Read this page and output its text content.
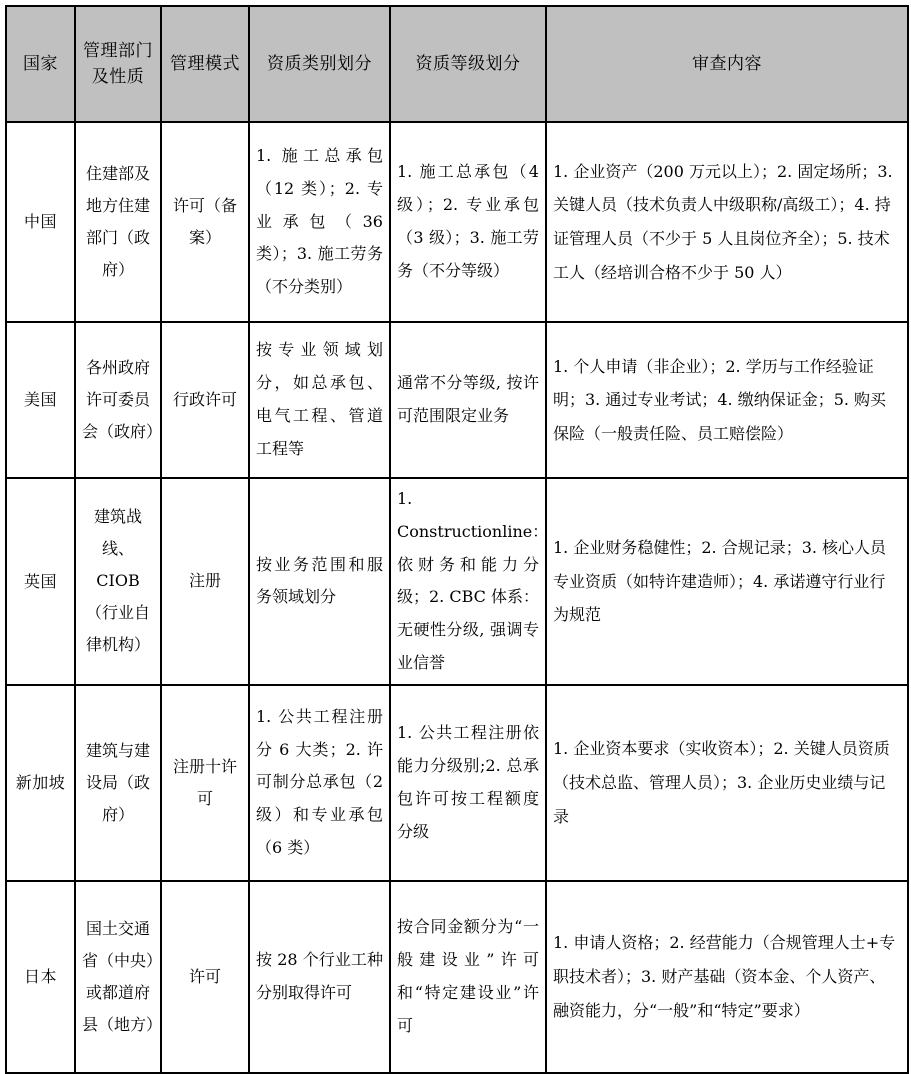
国家	管理部门及性质	管理模式	资质类别划分	资质等级划分	审查内容
中国	住建部及地方住建部门（政府）	许可（备案）	1. 施工总承包（12 类）；2. 专业承包（36 类）；3. 施工劳务（不分类别）	1. 施工总承包（4 级）；2. 专业承包（3 级）；3. 施工劳务（不分等级）	1. 企业资产（200 万元以上）；2. 固定场所；3. 关键人员（技术负责人中级职称/高级工）；4. 持证管理人员（不少于 5 人且岗位齐全）；5. 技术工人（经培训合格不少于 50 人）
美国	各州政府许可委员会（政府）	行政许可	按专业领域划分，如总承包、电气工程、管道工程等	通常不分等级, 按许可范围限定业务	1. 个人申请（非企业）；2. 学历与工作经验证明；3. 通过专业考试；4. 缴纳保证金；5. 购买保险（一般责任险、员工赔偿险）
英国	建筑战线、CIOB（行业自律机构）	注册	按业务范围和服务领域划分	1. Constructionline：依财务和能力分级；2. CBC 体系：无硬性分级, 强调专业信誉	1. 企业财务稳健性；2. 合规记录；3. 核心人员专业资质（如特许建造师）；4. 承诺遵守行业行为规范
新加坡	建筑与建设局（政府）	注册十许可	1. 公共工程注册分 6 大类；2. 许可制分总承包（2 级）和专业承包（6 类）	1. 公共工程注册依能力分级别;2. 总承包许可按工程额度分级	1. 企业资本要求（实收资本）；2. 关键人员资质（技术总监、管理人员）；3. 企业历史业绩与记录
日本	国土交通省（中央）或都道府县（地方）	许可	按 28 个行业工种分别取得许可	按合同金额分为“一般建设业”许可 和“特定建设业”许可	1. 申请人资格；2. 经营能力（合规管理人士+专职技术者）；3. 财产基础（资本金、个人资产、融资能力，分“一般”和“特定”要求）
